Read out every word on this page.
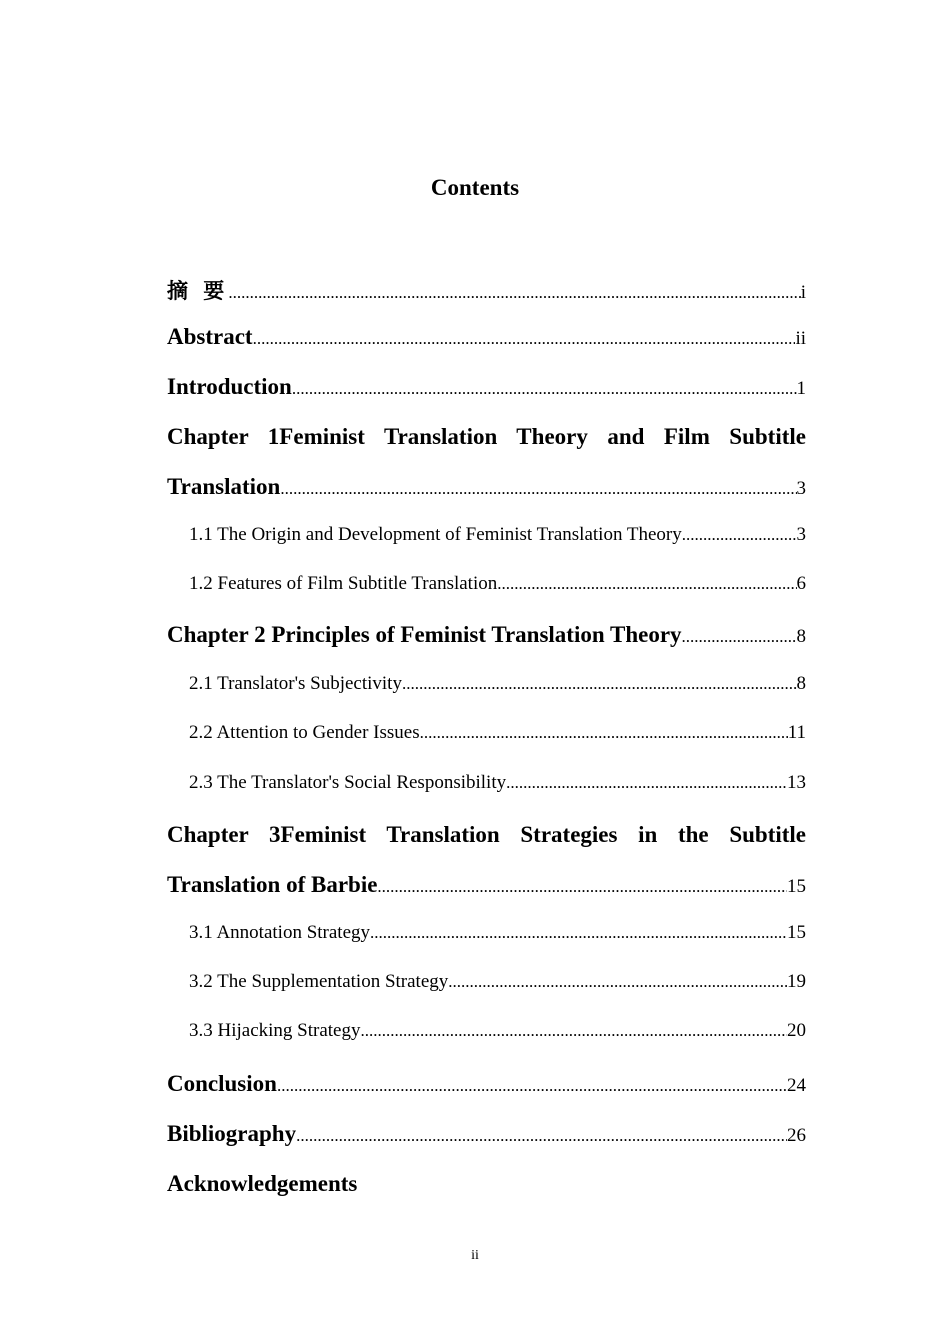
Contents
摘 要 .....	i
Abstract .....	ii
Introduction .....	1
Chapter 1Feminist Translation Theory and Film Subtitle
Translation .....	3
1.1 The Origin and Development of Feminist Translation Theory .....	3
1.2 Features of Film Subtitle Translation .....	6
Chapter 2 Principles of Feminist Translation Theory .....	8
2.1 Translator's Subjectivity .....	8
2.2 Attention to Gender Issues .....	11
2.3 The Translator's Social Responsibility .....	13
Chapter 3Feminist Translation Strategies in the Subtitle
Translation of Barbie .....	15
3.1 Annotation Strategy .....	15
3.2 The Supplementation Strategy .....	19
3.3 Hijacking Strategy .....	20
Conclusion .....	24
Bibliography .....	26
Acknowledgements
ii
